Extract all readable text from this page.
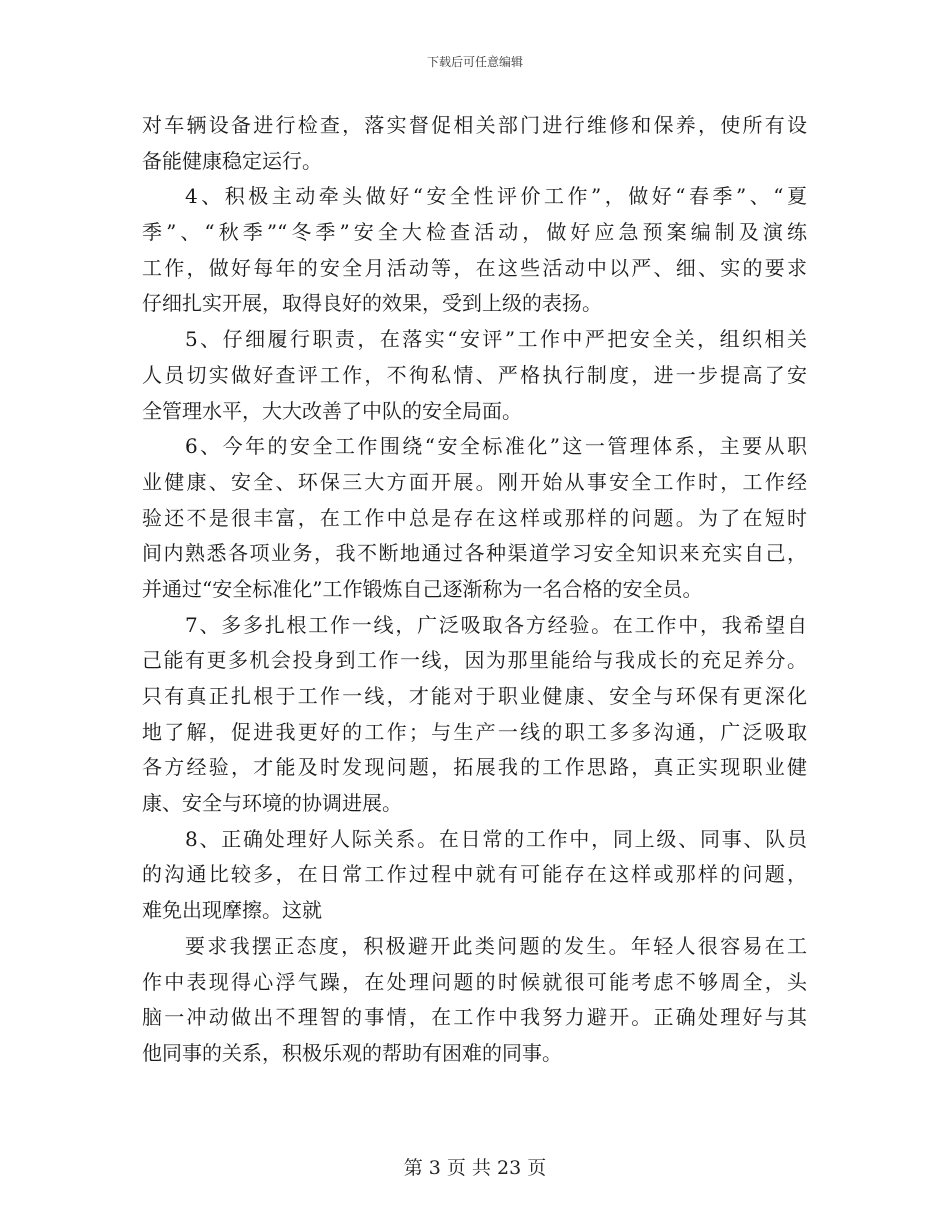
下载后可任意编辑
对车辆设备进行检查，落实督促相关部门进行维修和保养，使所有设
备能健康稳定运行。
4、积极主动牵头做好“安全性评价工作”，做好“春季”、“夏
季”、“秋季”“冬季”安全大检查活动，做好应急预案编制及演练
工作，做好每年的安全月活动等，在这些活动中以严、细、实的要求
仔细扎实开展，取得良好的效果，受到上级的表扬。
5、仔细履行职责，在落实“安评”工作中严把安全关，组织相关
人员切实做好查评工作，不徇私情、严格执行制度，进一步提高了安
全管理水平，大大改善了中队的安全局面。
6、今年的安全工作围绕“安全标准化”这一管理体系，主要从职
业健康、安全、环保三大方面开展。刚开始从事安全工作时，工作经
验还不是很丰富，在工作中总是存在这样或那样的问题。为了在短时
间内熟悉各项业务，我不断地通过各种渠道学习安全知识来充实自己，
并通过“安全标准化”工作锻炼自己逐渐称为一名合格的安全员。
7、多多扎根工作一线，广泛吸取各方经验。在工作中，我希望自
己能有更多机会投身到工作一线，因为那里能给与我成长的充足养分。
只有真正扎根于工作一线，才能对于职业健康、安全与环保有更深化
地了解，促进我更好的工作；与生产一线的职工多多沟通，广泛吸取
各方经验，才能及时发现问题，拓展我的工作思路，真正实现职业健
康、安全与环境的协调进展。
8、正确处理好人际关系。在日常的工作中，同上级、同事、队员
的沟通比较多，在日常工作过程中就有可能存在这样或那样的问题，
难免出现摩擦。这就
要求我摆正态度，积极避开此类问题的发生。年轻人很容易在工
作中表现得心浮气躁，在处理问题的时候就很可能考虑不够周全，头
脑一冲动做出不理智的事情，在工作中我努力避开。正确处理好与其
他同事的关系，积极乐观的帮助有困难的同事。
第 3 页 共 23 页
